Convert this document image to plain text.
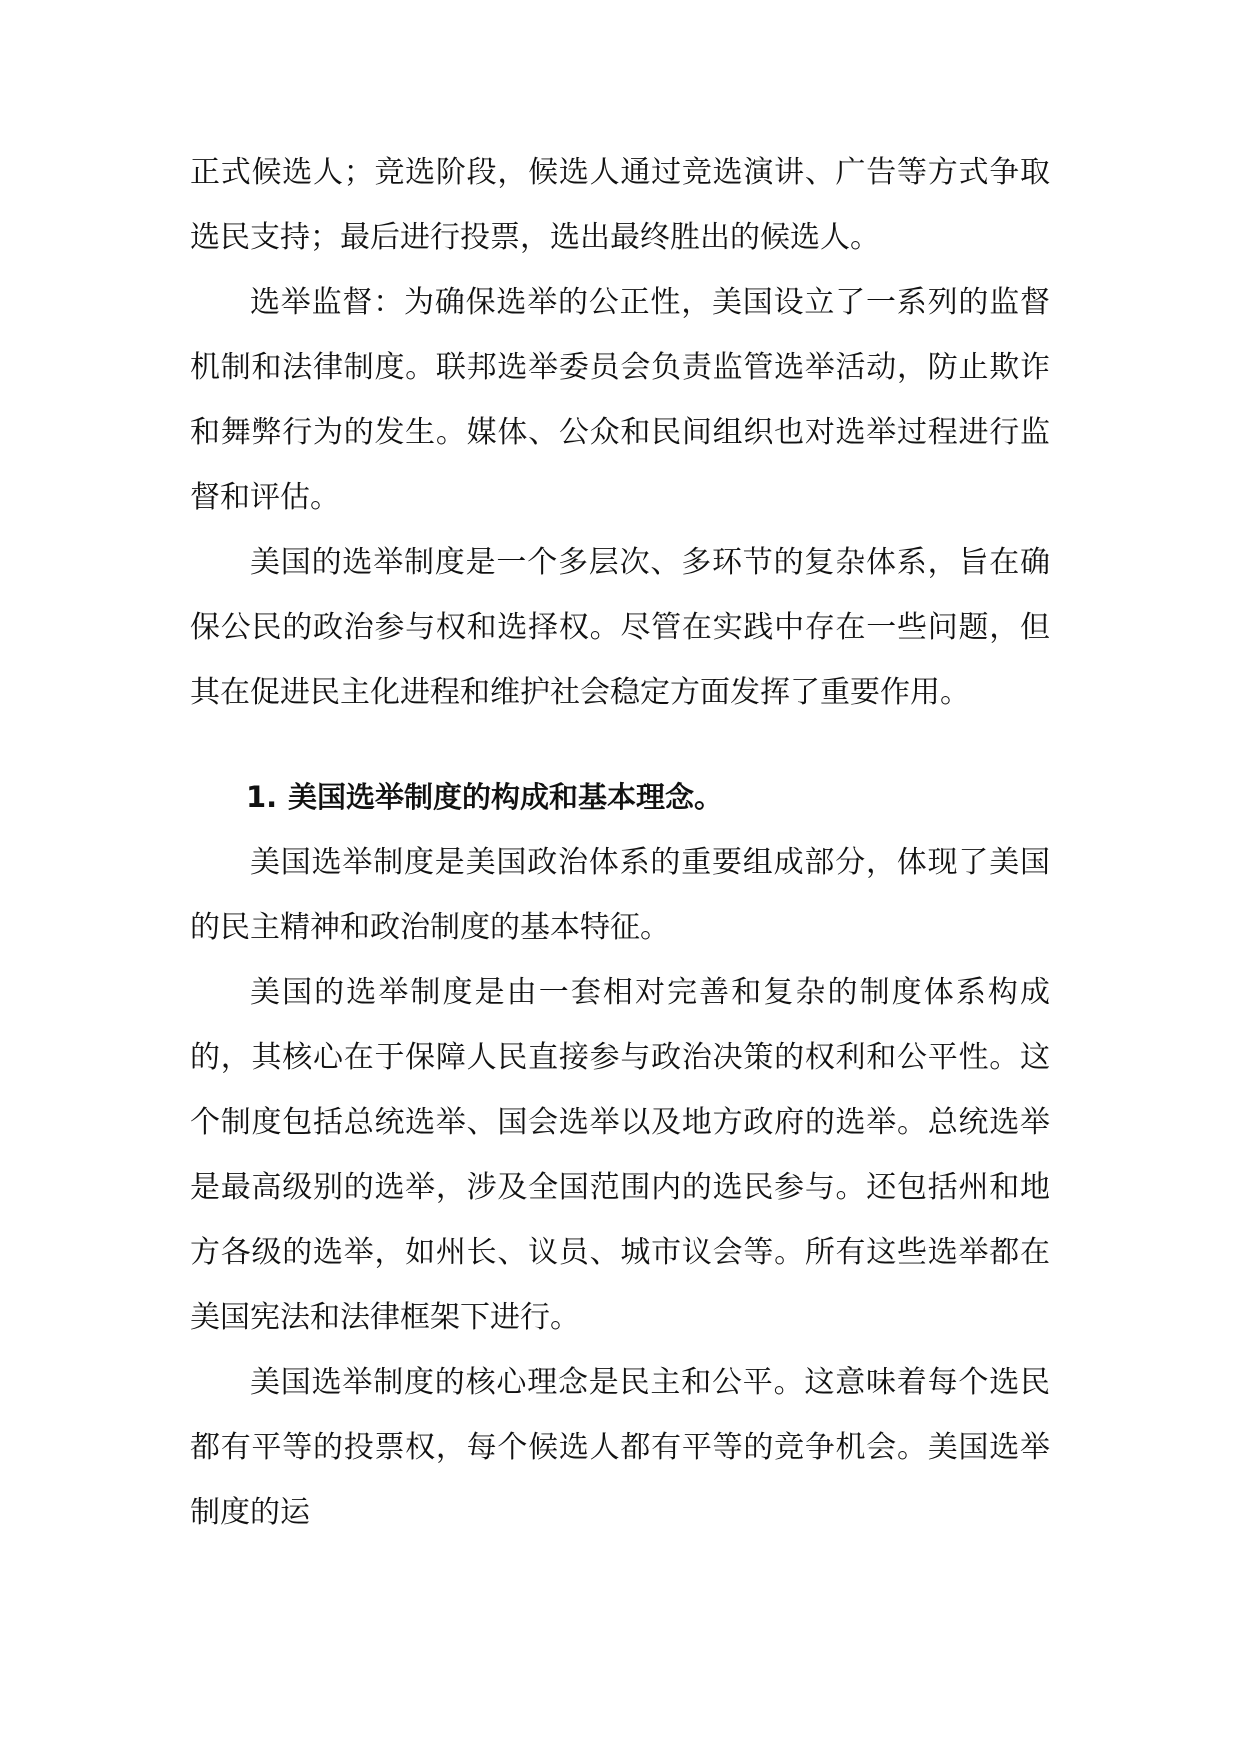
正式候选人；竞选阶段，候选人通过竞选演讲、广告等方式争取选民支持；最后进行投票，选出最终胜出的候选人。

选举监督：为确保选举的公正性，美国设立了一系列的监督机制和法律制度。联邦选举委员会负责监管选举活动，防止欺诈和舞弊行为的发生。媒体、公众和民间组织也对选举过程进行监督和评估。

美国的选举制度是一个多层次、多环节的复杂体系，旨在确保公民的政治参与权和选择权。尽管在实践中存在一些问题，但其在促进民主化进程和维护社会稳定方面发挥了重要作用。

1. 美国选举制度的构成和基本理念。

美国选举制度是美国政治体系的重要组成部分，体现了美国的民主精神和政治制度的基本特征。

美国的选举制度是由一套相对完善和复杂的制度体系构成的，其核心在于保障人民直接参与政治决策的权利和公平性。这个制度包括总统选举、国会选举以及地方政府的选举。总统选举是最高级别的选举，涉及全国范围内的选民参与。还包括州和地方各级的选举，如州长、议员、城市议会等。所有这些选举都在美国宪法和法律框架下进行。

美国选举制度的核心理念是民主和公平。这意味着每个选民都有平等的投票权，每个候选人都有平等的竞争机会。美国选举制度的运
